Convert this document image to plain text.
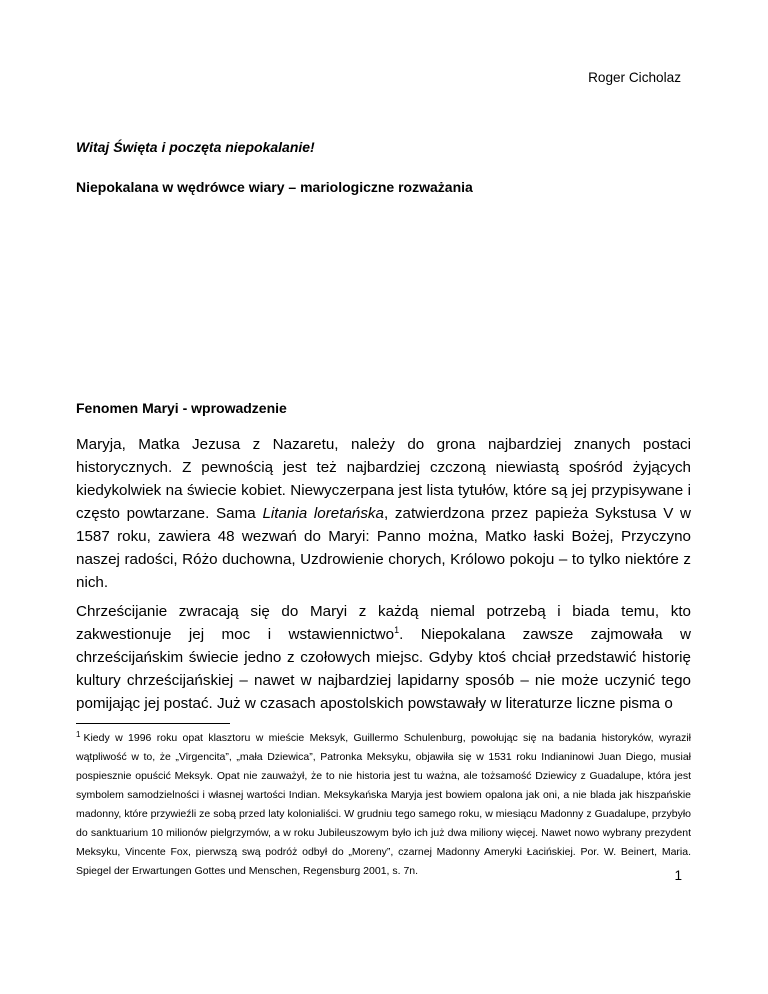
Roger Cicholaz
Witaj Święta i poczęta niepokalanie!
Niepokalana w wędrówce wiary – mariologiczne rozważania
Fenomen Maryi - wprowadzenie
Maryja, Matka Jezusa z Nazaretu, należy do grona najbardziej znanych postaci historycznych. Z pewnością jest też najbardziej czczoną niewiastą spośród żyjących kiedykolwiek na świecie kobiet. Niewyczerpana jest lista tytułów, które są jej przypisywane i często powtarzane. Sama Litania loretańska, zatwierdzona przez papieża Sykstusa V w 1587 roku, zawiera 48 wezwań do Maryi: Panno można, Matko łaski Bożej, Przyczyno naszej radości, Różo duchowna, Uzdrowienie chorych, Królowo pokoju – to tylko niektóre z nich.
Chrześcijanie zwracają się do Maryi z każdą niemal potrzebą i biada temu, kto zakwestionuje jej moc i wstawiennictwo$^1$. Niepokalana zawsze zajmowała w chrześcijańskim świecie jedno z czołowych miejsc. Gdyby ktoś chciał przedstawić historię kultury chrześcijańskiej – nawet w najbardziej lapidarny sposób – nie może uczynić tego pomijając jej postać. Już w czasach apostolskich powstawały w literaturze liczne pisma o
$^1$ Kiedy w 1996 roku opat klasztoru w mieście Meksyk, Guillermo Schulenburg, powołując się na badania historyków, wyraził wątpliwość w to, że „Virgencita”, „mała Dziewica”, Patronka Meksyku, objawiła się w 1531 roku Indianinowi Juan Diego, musiał pospiesznie opuścić Meksyk. Opat nie zauważył, że to nie historia jest tu ważna, ale tożsamość Dziewicy z Guadalupe, która jest symbolem samodzielności i własnej wartości Indian. Meksykańska Maryja jest bowiem opalona jak oni, a nie blada jak hiszpańskie madonny, które przywieźli ze sobą przed laty kolonialiści. W grudniu tego samego roku, w miesiącu Madonny z Guadalupe, przybyło do sanktuarium 10 milionów pielgrzymów, a w roku Jubileuszowym było ich już dwa miliony więcej. Nawet nowo wybrany prezydent Meksyku, Vincente Fox, pierwszą swą podróż odbył do „Moreny”, czarnej Madonny Ameryki Łacińskiej. Por. W. Beinert, Maria. Spiegel der Erwartungen Gottes und Menschen, Regensburg 2001, s. 7n.	1
